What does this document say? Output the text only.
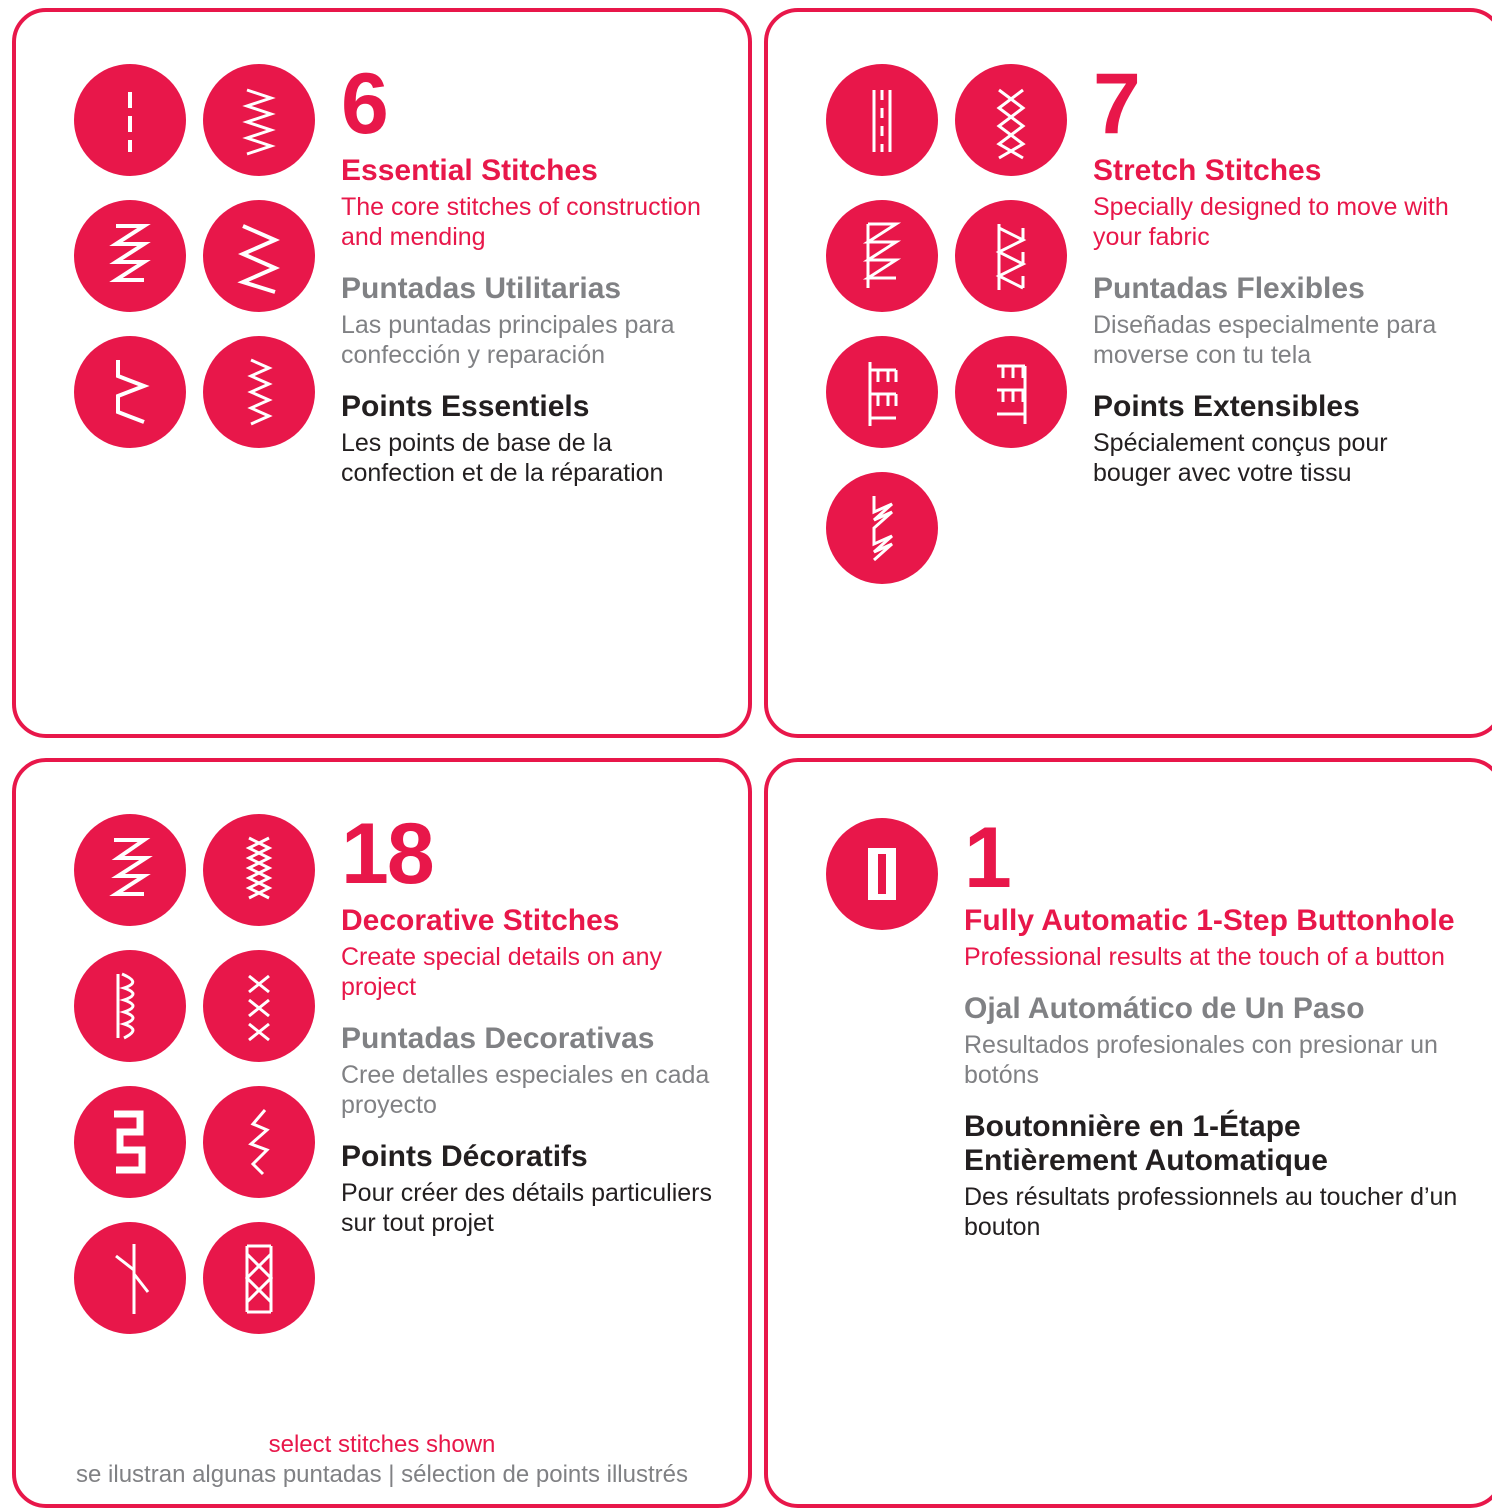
6
Essential Stitches
The core stitches of construction and mending
Puntadas Utilitarias
Las puntadas principales para confección y reparación
Points Essentiels
Les points de base de la confection et de la réparation
7
Stretch Stitches
Specially designed to move with your fabric
Puntadas Flexibles
Diseñadas especialmente para moverse con tu tela
Points Extensibles
Spécialement conçus pour bouger avec votre tissu
18
Decorative Stitches
Create special details on any project
Puntadas Decorativas
Cree detalles especiales en cada proyecto
Points Décoratifs
Pour créer des détails particuliers sur tout projet
select stitches shown
se ilustran algunas puntadas | sélection de points illustrés
1
Fully Automatic 1-Step Buttonhole
Professional results at the touch of a button
Ojal Automático de Un Paso
Resultados profesionales con presionar un botóns
Boutonnière en 1-Étape Entièrement Automatique
Des résultats professionnels au toucher d’un bouton
